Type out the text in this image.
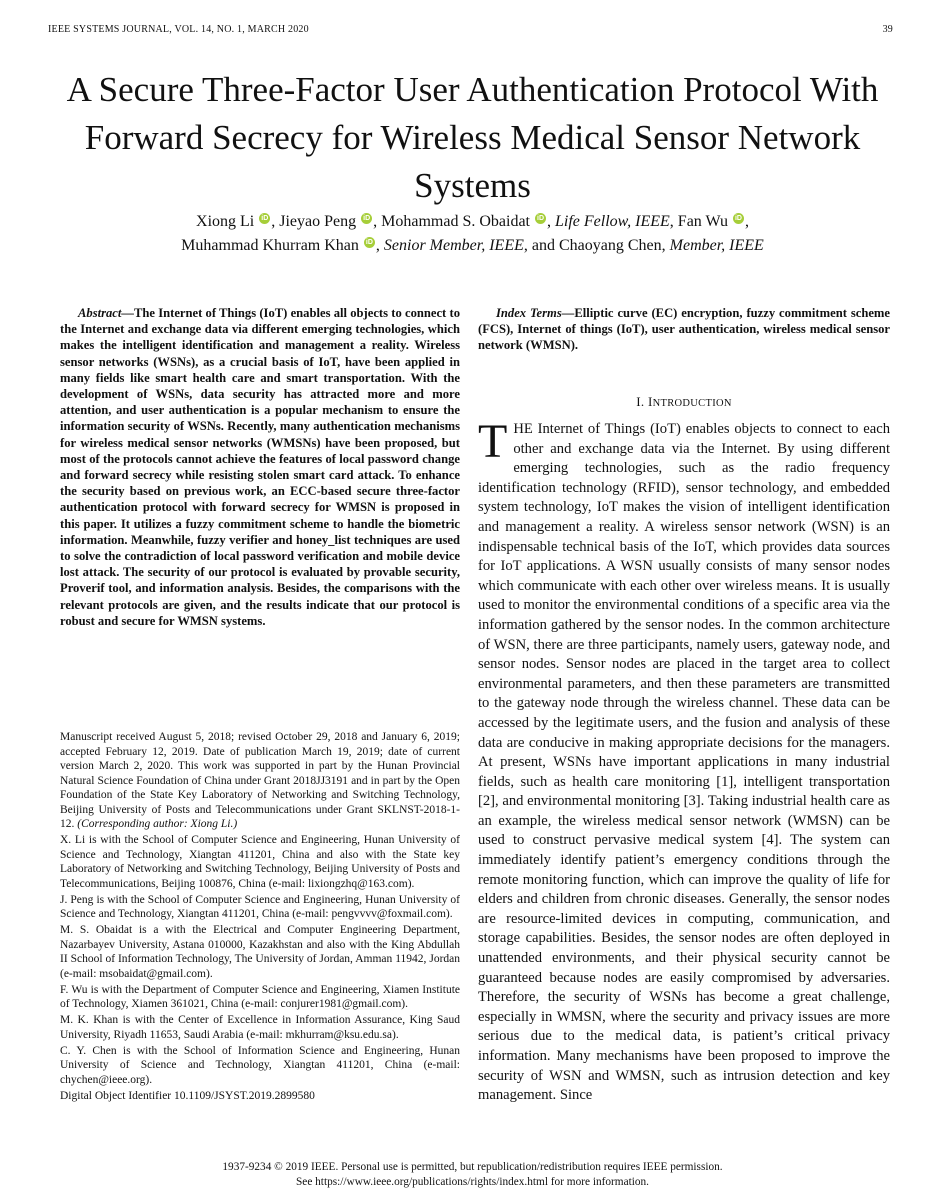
IEEE SYSTEMS JOURNAL, VOL. 14, NO. 1, MARCH 2020	39
A Secure Three-Factor User Authentication Protocol With Forward Secrecy for Wireless Medical Sensor Network Systems
Xiong Li iD , Jieyao Peng iD , Mohammad S. Obaidat iD , Life Fellow, IEEE, Fan Wu iD ,
Muhammad Khurram Khan iD , Senior Member, IEEE, and Chaoyang Chen, Member, IEEE

Abstract—The Internet of Things (IoT) enables all objects to connect to the Internet and exchange data via different emerging technologies, which makes the intelligent identification and management a reality. Wireless sensor networks (WSNs), as a crucial basis of IoT, have been applied in many fields like smart health care and smart transportation. With the development of WSNs, data security has attracted more and more attention, and user authentication is a popular mechanism to ensure the information security of WSNs. Recently, many authentication mechanisms for wireless medical sensor networks (WMSNs) have been proposed, but most of the protocols cannot achieve the features of local password change and forward secrecy while resisting stolen smart card attack. To enhance the security based on previous work, an ECC-based secure three-factor authentication protocol with forward secrecy for WMSN is proposed in this paper. It utilizes a fuzzy commitment scheme to handle the biometric information. Meanwhile, fuzzy verifier and honey_list techniques are used to solve the contradiction of local password verification and mobile device lost attack. The security of our protocol is evaluated by provable security, Proverif tool, and information analysis. Besides, the comparisons with the relevant protocols are given, and the results indicate that our protocol is robust and secure for WMSN systems.

Index Terms—Elliptic curve (EC) encryption, fuzzy commitment scheme (FCS), Internet of things (IoT), user authentication, wireless medical sensor network (WMSN).

I. INTRODUCTION

THE Internet of Things (IoT) enables objects to connect to each other and exchange data via the Internet. By using different emerging technologies, such as the radio frequency identification technology (RFID), sensor technology, and embedded system technology, IoT makes the vision of intelligent identification and management a reality. A wireless sensor network (WSN) is an indispensable technical basis of the IoT, which provides data sources for IoT applications. A WSN usually consists of many sensor nodes which communicate with each other over wireless means. It is usually used to monitor the environmental conditions of a specific area via the information gathered by the sensor nodes. In the common architecture of WSN, there are three participants, namely users, gateway node, and sensor nodes. Sensor nodes are placed in the target area to collect environmental parameters, and then these parameters are transmitted to the gateway node through the wireless channel. These data can be accessed by the legitimate users, and the fusion and analysis of these data are conducive in making appropriate decisions for the managers. At present, WSNs have important applications in many industrial fields, such as health care monitoring [1], intelligent transportation [2], and environmental monitoring [3]. Taking industrial health care as an example, the wireless medical sensor network (WMSN) can be used to construct pervasive medical system [4]. The system can immediately identify patient’s emergency conditions through the remote monitoring function, which can improve the quality of life for elders and children from chronic diseases. Generally, the sensor nodes are resource-limited devices in computing, communication, and storage capabilities. Besides, the sensor nodes are often deployed in unattended environments, and their physical security cannot be guaranteed because nodes are easily compromised by adversaries. Therefore, the security of WSNs has become a great challenge, especially in WMSN, where the security and privacy issues are more serious due to the medical data, is patient’s critical privacy information. Many mechanisms have been proposed to improve the security of WSN and WMSN, such as intrusion detection and key management. Since

Manuscript received August 5, 2018; revised October 29, 2018 and January 6, 2019; accepted February 12, 2019. Date of publication March 19, 2019; date of current version March 2, 2020. This work was supported in part by the Hunan Provincial Natural Science Foundation of China under Grant 2018JJ3191 and in part by the Open Foundation of the State Key Laboratory of Networking and Switching Technology, Beijing University of Posts and Telecommunications under Grant SKLNST-2018-1-12. (Corresponding author: Xiong Li.)

X. Li is with the School of Computer Science and Engineering, Hunan University of Science and Technology, Xiangtan 411201, China and also with the State key Laboratory of Networking and Switching Technology, Beijing University of Posts and Telecommunications, Beijing 100876, China (e-mail: lixiongzhq@163.com).

J. Peng is with the School of Computer Science and Engineering, Hunan University of Science and Technology, Xiangtan 411201, China (e-mail: pengvvvv@foxmail.com).

M. S. Obaidat is a with the Electrical and Computer Engineering Department, Nazarbayev University, Astana 010000, Kazakhstan and also with the King Abdullah II School of Information Technology, The University of Jordan, Amman 11942, Jordan (e-mail: msobaidat@gmail.com).

F. Wu is with the Department of Computer Science and Engineering, Xiamen Institute of Technology, Xiamen 361021, China (e-mail: conjurer1981@gmail.com).

M. K. Khan is with the Center of Excellence in Information Assurance, King Saud University, Riyadh 11653, Saudi Arabia (e-mail: mkhurram@ksu.edu.sa).

C. Y. Chen is with the School of Information Science and Engineering, Hunan University of Science and Technology, Xiangtan 411201, China (e-mail: chychen@ieee.org).

Digital Object Identifier 10.1109/JSYST.2019.2899580

1937-9234 © 2019 IEEE. Personal use is permitted, but republication/redistribution requires IEEE permission.
See https://www.ieee.org/publications/rights/index.html for more information.
